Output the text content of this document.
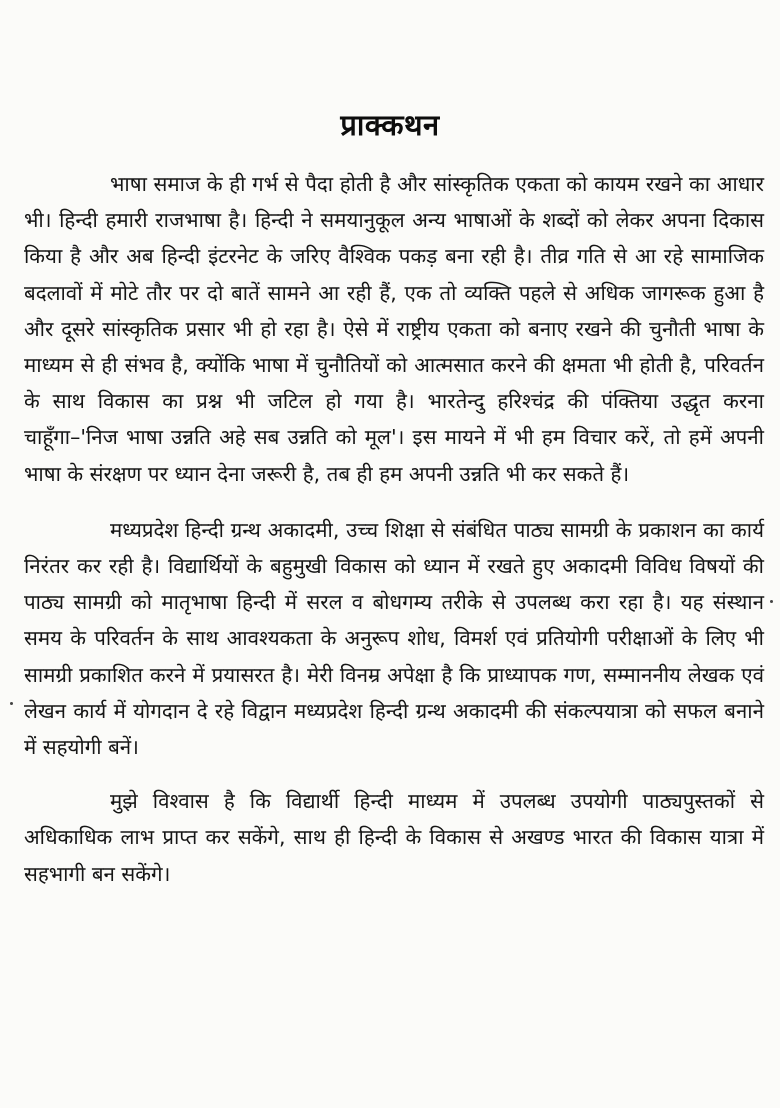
प्राक्कथन

भाषा समाज के ही गर्भ से पैदा होती है और सांस्कृतिक एकता को कायम रखने का आधार भी। हिन्दी हमारी राजभाषा है। हिन्दी ने समयानुकूल अन्य भाषाओं के शब्दों को लेकर अपना दिकास किया है और अब हिन्दी इंटरनेट के जरिए वैश्विक पकड़ बना रही है। तीव्र गति से आ रहे सामाजिक बदलावों में मोटे तौर पर दो बातें सामने आ रही हैं, एक तो व्यक्ति पहले से अधिक जागरूक हुआ है और दूसरे सांस्कृतिक प्रसार भी हो रहा है। ऐसे में राष्ट्रीय एकता को बनाए रखने की चुनौती भाषा के माध्यम से ही संभव है, क्योंकि भाषा में चुनौतियों को आत्मसात करने की क्षमता भी होती है, परिवर्तन के साथ विकास का प्रश्न भी जटिल हो गया है। भारतेन्दु हरिश्चंद्र की पंक्तिया उद्धृत करना चाहूँगा–'निज भाषा उन्नति अहे सब उन्नति को मूल'। इस मायने में भी हम विचार करें, तो हमें अपनी भाषा के संरक्षण पर ध्यान देना जरूरी है, तब ही हम अपनी उन्नति भी कर सकते हैं।

मध्यप्रदेश हिन्दी ग्रन्थ अकादमी, उच्च शिक्षा से संबंधित पाठ्य सामग्री के प्रकाशन का कार्य निरंतर कर रही है। विद्यार्थियों के बहुमुखी विकास को ध्यान में रखते हुए अकादमी विविध विषयों की पाठ्य सामग्री को मातृभाषा हिन्दी में सरल व बोधगम्य तरीके से उपलब्ध करा रहा है। यह संस्थान समय के परिवर्तन के साथ आवश्यकता के अनुरूप शोध, विमर्श एवं प्रतियोगी परीक्षाओं के लिए भी सामग्री प्रकाशित करने में प्रयासरत है। मेरी विनम्र अपेक्षा है कि प्राध्यापक गण, सम्माननीय लेखक एवं लेखन कार्य में योगदान दे रहे विद्वान मध्यप्रदेश हिन्दी ग्रन्थ अकादमी की संकल्पयात्रा को सफल बनाने में सहयोगी बनें।

मुझे विश्वास है कि विद्यार्थी हिन्दी माध्यम में उपलब्ध उपयोगी पाठ्यपुस्तकों से अधिकाधिक लाभ प्राप्त कर सकेंगे, साथ ही हिन्दी के विकास से अखण्ड भारत की विकास यात्रा में सहभागी बन सकेंगे।
